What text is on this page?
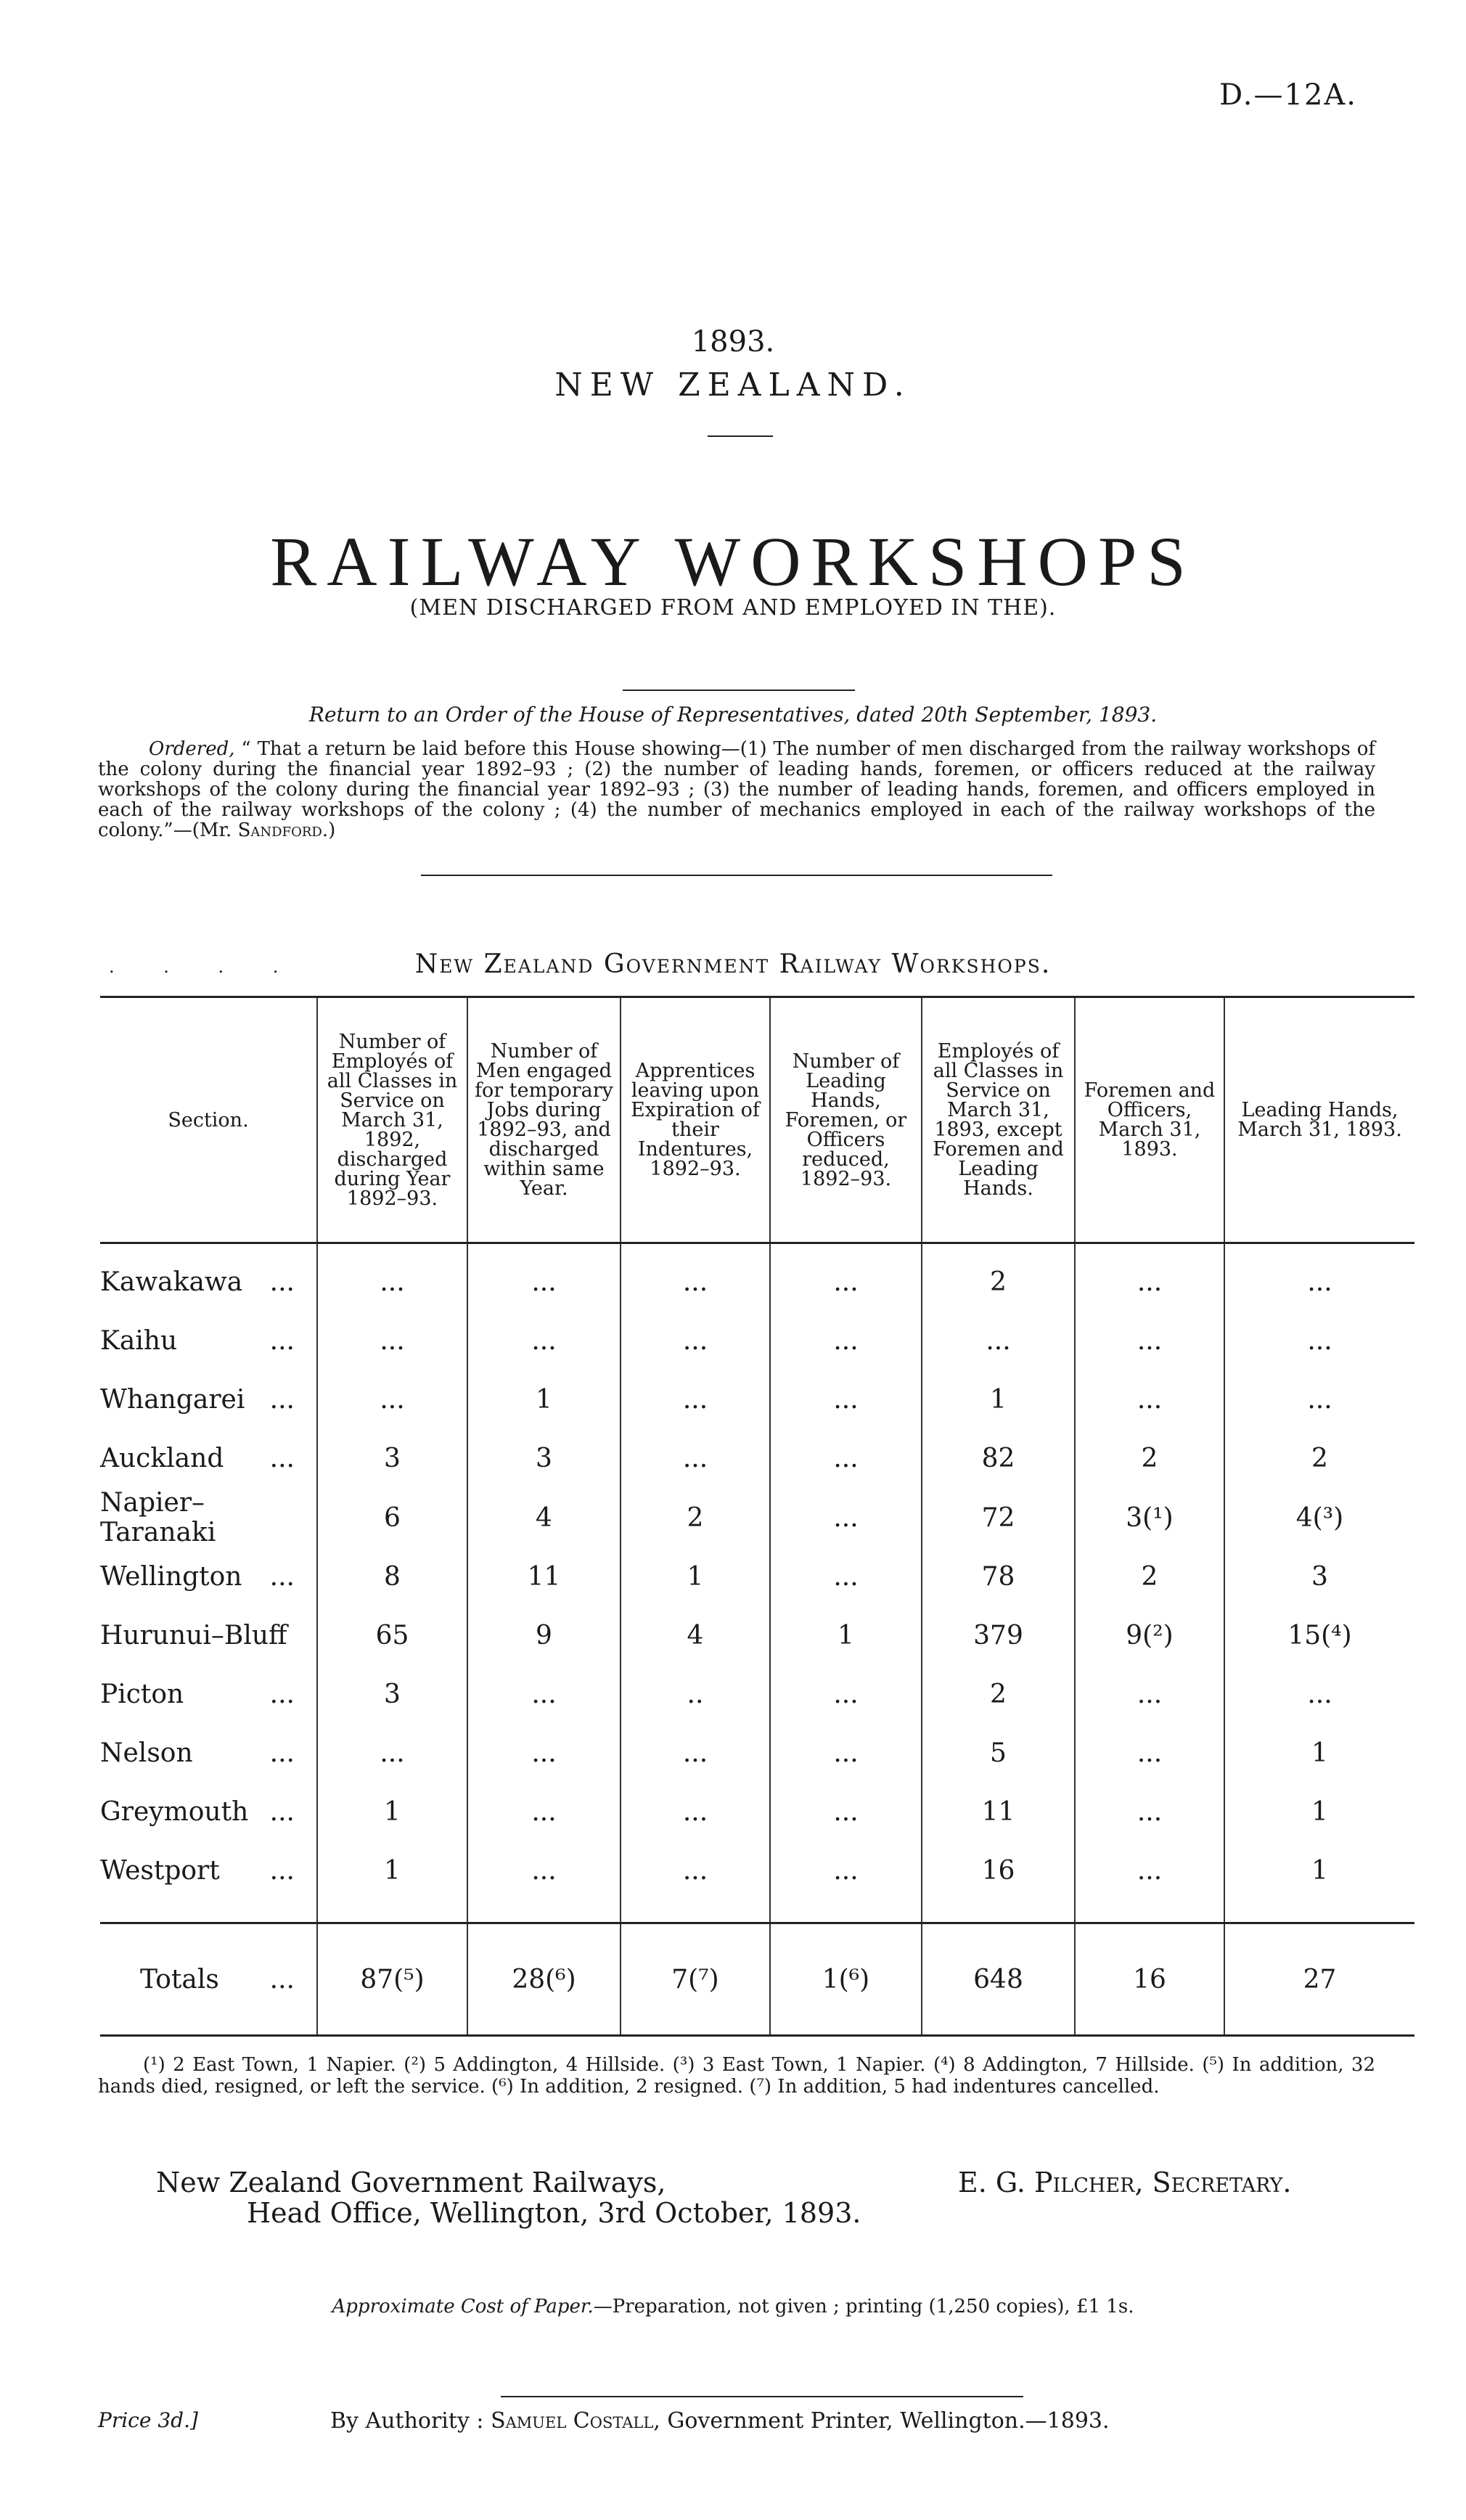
D.—12A.
1893.
NEW ZEALAND.
RAILWAY WORKSHOPS
(MEN DISCHARGED FROM AND EMPLOYED IN THE).
Return to an Order of the House of Representatives, dated 20th September, 1893.
Ordered, “ That a return be laid before this House showing—(1) The number of men discharged from the railway workshops of the colony during the financial year 1892–93 ; (2) the number of leading hands, foremen, or officers reduced at the railway workshops of the colony during the financial year 1892–93 ; (3) the number of leading hands, foremen, and officers employed in each of the railway workshops of the colony ; (4) the number of mechanics employed in each of the railway workshops of the colony.”—(Mr. Sandford.)
. . . .	New Zealand Government Railway Workshops.
Section.	Number of Employés of all Classes in Service on March 31, 1892, discharged during Year 1892–93.	Number of Men engaged for temporary Jobs during 1892–93, and discharged within same Year.	Apprentices leaving upon Expiration of their Indentures, 1892–93.	Number of Leading Hands, Foremen, or Officers reduced, 1892–93.	Employés of all Classes in Service on March 31, 1893, except Foremen and Leading Hands.	Foremen and Officers, March 31, 1893.	Leading Hands, March 31, 1893.

Kawakawa ...	...	...	...	...	2	...	...

Kaihu ...	...	...	...	...	...	...	...

Whangarei ...	...	1	...	...	1	...	...

Auckland ...	3	3	...	...	82	2	2

Napier–Taranaki	6	4	2	...	72	3(¹)	4(³)

Wellington ...	8	11	1	...	78	2	3

Hurunui–Bluff	65	9	4	1	379	9(²)	15(⁴)

Picton ...	3	...	..	...	2	...	...

Nelson ...	...	...	...	...	5	...	1

Greymouth ...	1	...	...	...	11	...	1

Westport ...	1	...	...	...	16	...	1

Totals ...	87(⁵)	28(⁶)	7(⁷)	1(⁶)	648	16	27
(¹) 2 East Town, 1 Napier. (²) 5 Addington, 4 Hillside. (³) 3 East Town, 1 Napier. (⁴) 8 Addington, 7 Hillside. (⁵) In addition, 32 hands died, resigned, or left the service. (⁶) In addition, 2 resigned. (⁷) In addition, 5 had indentures cancelled.
New Zealand Government Railways,
Head Office, Wellington, 3rd October, 1893.
E. G. Pilcher, Secretary.
Approximate Cost of Paper.—Preparation, not given ; printing (1,250 copies), £1 1s.
Price 3d.]	By Authority : Samuel Costall, Government Printer, Wellington.—1893.
